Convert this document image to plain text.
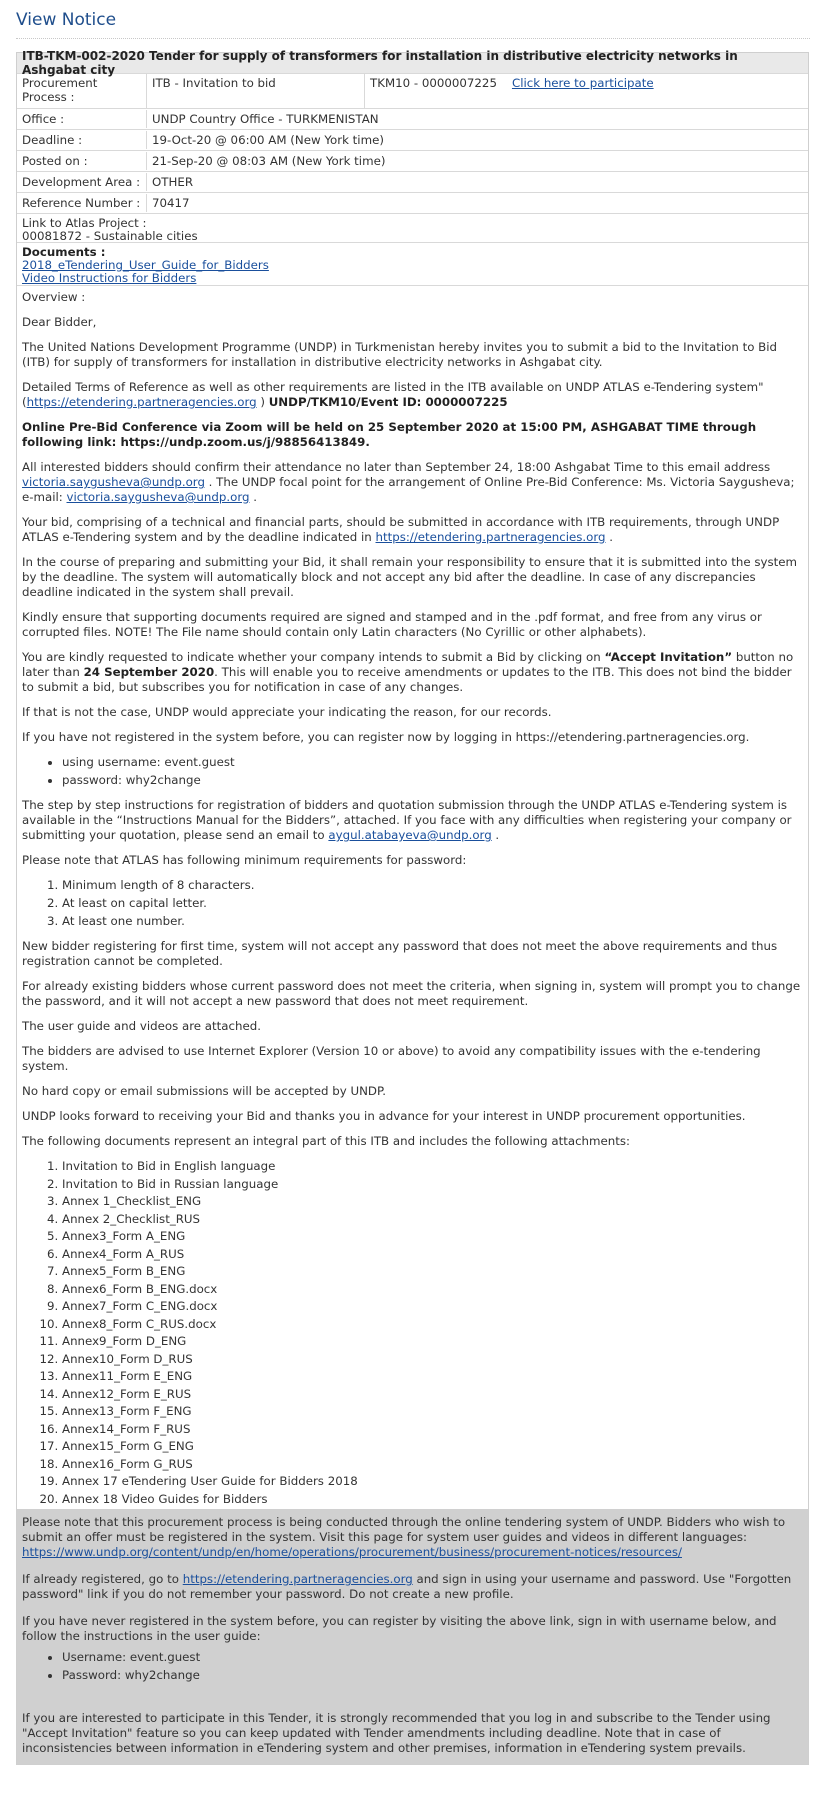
View Notice
ITB-TKM-002-2020 Tender for supply of transformers for installation in distributive electricity networks in Ashgabat city
Procurement Process :
ITB - Invitation to bid	TKM10 - 0000007225 Click here to participate
Office :	UNDP Country Office - TURKMENISTAN
Deadline :	19-Oct-20 @ 06:00 AM (New York time)
Posted on :	21-Sep-20 @ 08:03 AM (New York time)
Development Area :	OTHER
Reference Number : 70417
Link to Atlas Project :
00081872 - Sustainable cities
Documents :
2018_eTendering_User_Guide_for_Bidders
Video Instructions for Bidders

Overview :

Dear Bidder,

The United Nations Development Programme (UNDP) in Turkmenistan hereby invites you to submit a bid to the Invitation to Bid (ITB) for supply of transformers for installation in distributive electricity networks in Ashgabat city.

Detailed Terms of Reference as well as other requirements are listed in the ITB available on UNDP ATLAS e-Tendering system" (https://etendering.partneragencies.org ) UNDP/TKM10/Event ID: 0000007225

Online Pre-Bid Conference via Zoom will be held on 25 September 2020 at 15:00 PM, ASHGABAT TIME through following link: https://undp.zoom.us/j/98856413849.

All interested bidders should confirm their attendance no later than September 24, 18:00 Ashgabat Time to this email address victoria.saygusheva@undp.org . The UNDP focal point for the arrangement of Online Pre-Bid Conference: Ms. Victoria Saygusheva; e-mail: victoria.saygusheva@undp.org .

Your bid, comprising of a technical and financial parts, should be submitted in accordance with ITB requirements, through UNDP ATLAS e-Tendering system and by the deadline indicated in https://etendering.partneragencies.org .

In the course of preparing and submitting your Bid, it shall remain your responsibility to ensure that it is submitted into the system by the deadline. The system will automatically block and not accept any bid after the deadline. In case of any discrepancies deadline indicated in the system shall prevail.

Kindly ensure that supporting documents required are signed and stamped and in the .pdf format, and free from any virus or corrupted files. NOTE! The File name should contain only Latin characters (No Cyrillic or other alphabets).

You are kindly requested to indicate whether your company intends to submit a Bid by clicking on “Accept Invitation” button no later than 24 September 2020. This will enable you to receive amendments or updates to the ITB. This does not bind the bidder to submit a bid, but subscribes you for notification in case of any changes.

If that is not the case, UNDP would appreciate your indicating the reason, for our records.

If you have not registered in the system before, you can register now by logging in https://etendering.partneragencies.org.

• using username: event.guest
• password: why2change

The step by step instructions for registration of bidders and quotation submission through the UNDP ATLAS e-Tendering system is available in the “Instructions Manual for the Bidders”, attached. If you face with any difficulties when registering your company or submitting your quotation, please send an email to aygul.atabayeva@undp.org .

Please note that ATLAS has following minimum requirements for password:

1. Minimum length of 8 characters.
2. At least on capital letter.
3. At least one number.

New bidder registering for first time, system will not accept any password that does not meet the above requirements and thus registration cannot be completed.

For already existing bidders whose current password does not meet the criteria, when signing in, system will prompt you to change the password, and it will not accept a new password that does not meet requirement.

The user guide and videos are attached.

The bidders are advised to use Internet Explorer (Version 10 or above) to avoid any compatibility issues with the e-tendering system.

No hard copy or email submissions will be accepted by UNDP.

UNDP looks forward to receiving your Bid and thanks you in advance for your interest in UNDP procurement opportunities.

The following documents represent an integral part of this ITB and includes the following attachments:

1. Invitation to Bid in English language
2. Invitation to Bid in Russian language
3. Annex 1_Checklist_ENG
4. Annex 2_Checklist_RUS
5. Annex3_Form A_ENG
6. Annex4_Form A_RUS
7. Annex5_Form B_ENG
8. Annex6_Form B_ENG.docx
9. Annex7_Form C_ENG.docx
10. Annex8_Form C_RUS.docx
11. Annex9_Form D_ENG
12. Annex10_Form D_RUS
13. Annex11_Form E_ENG
14. Annex12_Form E_RUS
15. Annex13_Form F_ENG
16. Annex14_Form F_RUS
17. Annex15_Form G_ENG
18. Annex16_Form G_RUS
19. Annex 17 eTendering User Guide for Bidders 2018
20. Annex 18 Video Guides for Bidders

Please note that this procurement process is being conducted through the online tendering system of UNDP. Bidders who wish to submit an offer must be registered in the system. Visit this page for system user guides and videos in different languages:
https://www.undp.org/content/undp/en/home/operations/procurement/business/procurement-notices/resources/

If already registered, go to https://etendering.partneragencies.org and sign in using your username and password. Use "Forgotten password" link if you do not remember your password. Do not create a new profile.

If you have never registered in the system before, you can register by visiting the above link, sign in with username below, and follow the instructions in the user guide:

• Username: event.guest
• Password: why2change

If you are interested to participate in this Tender, it is strongly recommended that you log in and subscribe to the Tender using "Accept Invitation" feature so you can keep updated with Tender amendments including deadline. Note that in case of inconsistencies between information in eTendering system and other premises, information in eTendering system prevails.
